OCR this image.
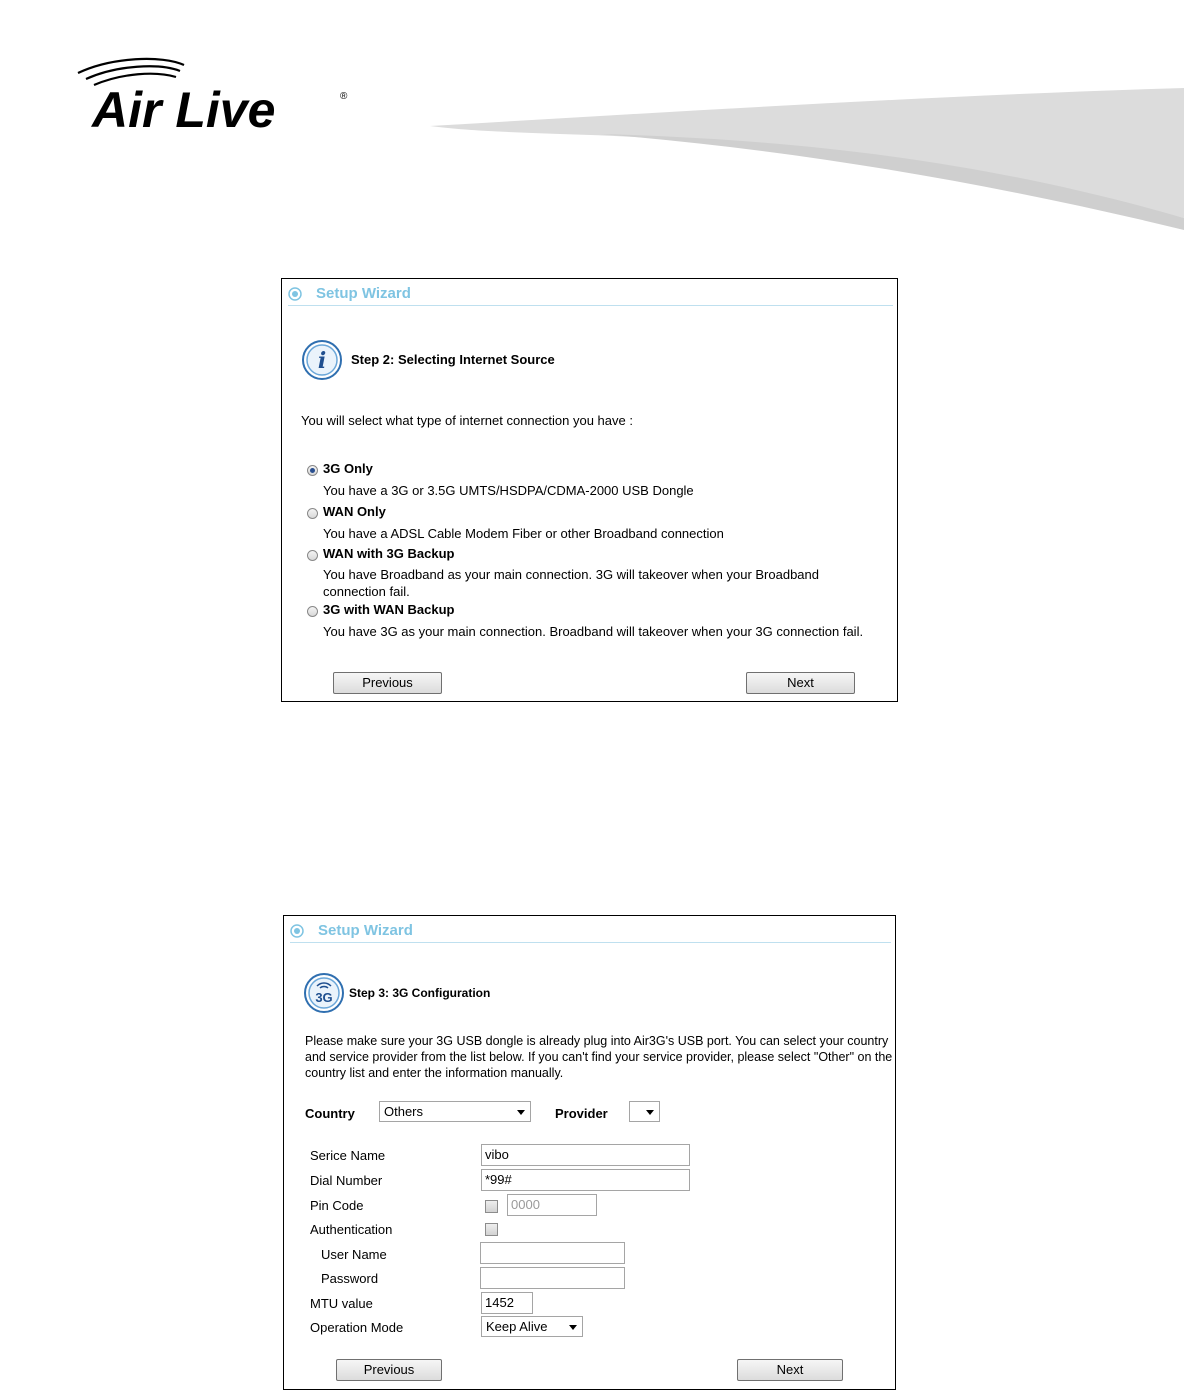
Air Live	®
Setup Wizard
i Step 2: Selecting Internet Source
You will select what type of internet connection you have :
3G Only
You have a 3G or 3.5G UMTS/HSDPA/CDMA-2000 USB Dongle
WAN Only
You have a ADSL Cable Modem Fiber or other Broadband connection
WAN with 3G Backup
You have Broadband as your main connection. 3G will takeover when your Broadband connection fail.
3G with WAN Backup
You have 3G as your main connection. Broadband will takeover when your 3G connection fail.
Previous	Next
Setup Wizard
3G Step 3: 3G Configuration
Please make sure your 3G USB dongle is already plug into Air3G's USB port. You can select your country and service provider from the list below. If you can't find your service provider, please select "Other" on the country list and enter the information manually.
Country	Others	Provider
Serice Name	vibo
Dial Number	*99#
Pin Code	0000
Authentication
User Name
Password
MTU value	1452
Operation Mode	Keep Alive
Previous	Next
